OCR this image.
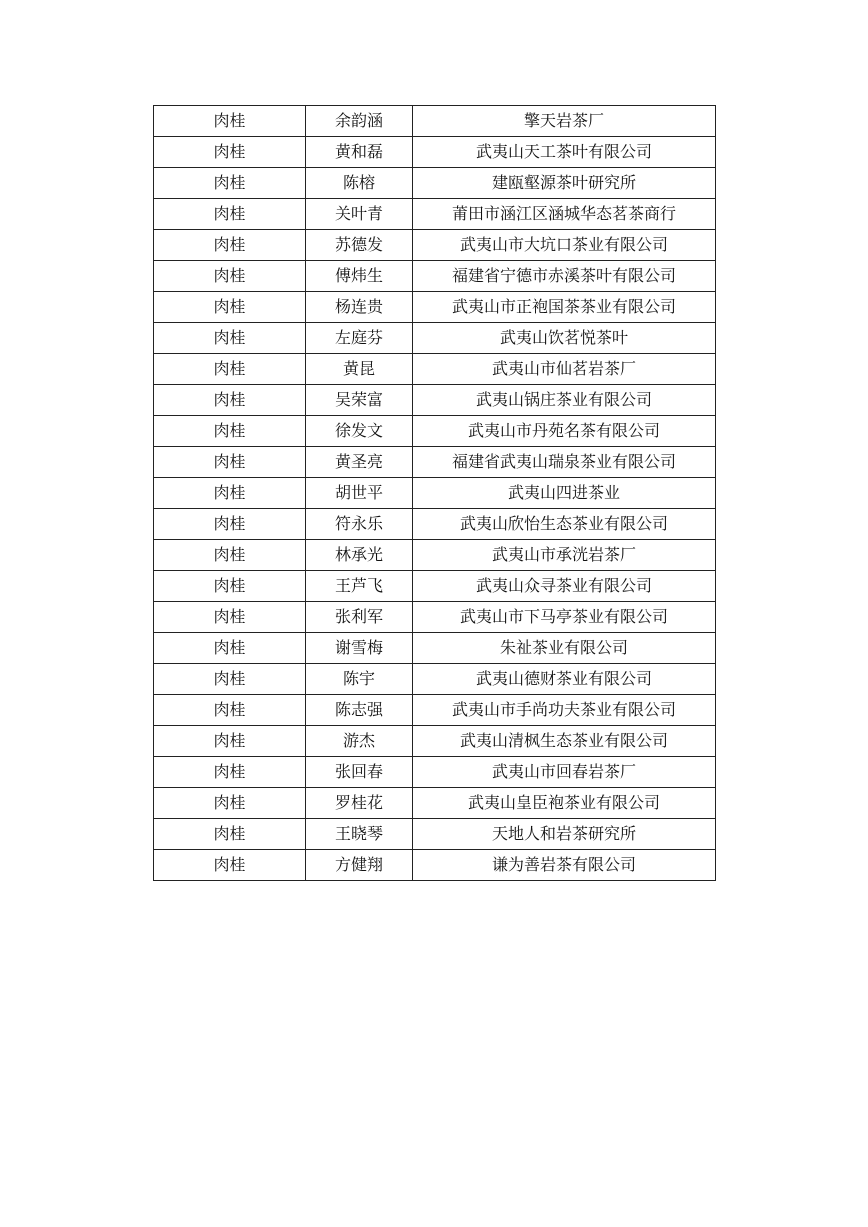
肉桂	余韵涵	擎天岩茶厂
肉桂	黄和磊	武夷山天工茶叶有限公司
肉桂	陈榕	建瓯壑源茶叶研究所
肉桂	关叶青	莆田市涵江区涵城华态茗茶商行
肉桂	苏德发	武夷山市大坑口茶业有限公司
肉桂	傅炜生	福建省宁德市赤溪茶叶有限公司
肉桂	杨连贵	武夷山市正袍国茶茶业有限公司
肉桂	左庭芬	武夷山饮茗悦茶叶
肉桂	黄昆	武夷山市仙茗岩茶厂
肉桂	吴荣富	武夷山锅庄茶业有限公司
肉桂	徐发文	武夷山市丹苑名茶有限公司
肉桂	黄圣亮	福建省武夷山瑞泉茶业有限公司
肉桂	胡世平	武夷山四进茶业
肉桂	符永乐	武夷山欣怡生态茶业有限公司
肉桂	林承光	武夷山市承洸岩茶厂
肉桂	王芦飞	武夷山众寻茶业有限公司
肉桂	张利军	武夷山市下马亭茶业有限公司
肉桂	谢雪梅	朱祉茶业有限公司
肉桂	陈宇	武夷山德财茶业有限公司
肉桂	陈志强	武夷山市手尚功夫茶业有限公司
肉桂	游杰	武夷山清枫生态茶业有限公司
肉桂	张回春	武夷山市回春岩茶厂
肉桂	罗桂花	武夷山皇臣袍茶业有限公司
肉桂	王晓琴	天地人和岩茶研究所
肉桂	方健翔	谦为善岩茶有限公司
